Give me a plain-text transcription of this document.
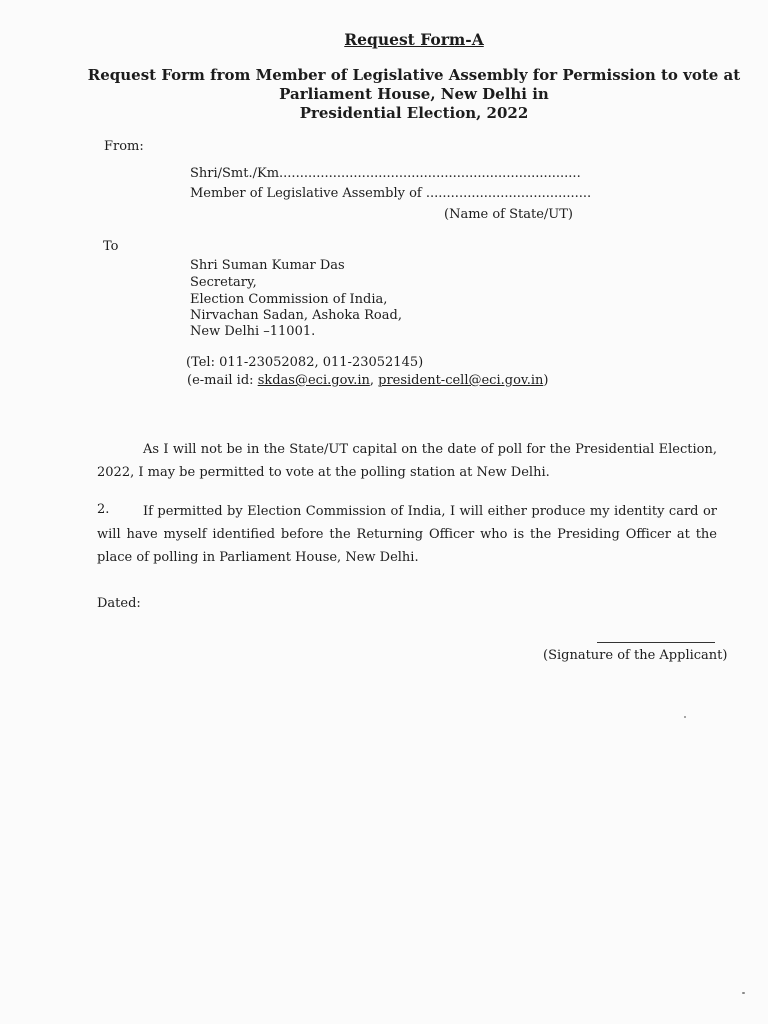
Request Form-A
Request Form from Member of Legislative Assembly for Permission to vote at
Parliament House, New Delhi in
Presidential Election, 2022
From:
Shri/Smt./Km.........................................................................
Member of Legislative Assembly of ........................................
(Name of State/UT)
To
Shri Suman Kumar Das
Secretary,
Election Commission of India,
Nirvachan Sadan, Ashoka Road,
New Delhi –11001.
(Tel: 011-23052082, 011-23052145)
(e-mail id: skdas@eci.gov.in, president-cell@eci.gov.in)
As I will not be in the State/UT capital on the date of poll for the Presidential Election, 2022, I may be permitted to vote at the polling station at New Delhi.
2.	If permitted by Election Commission of India, I will either produce my identity card or will have myself identified before the Returning Officer who is the Presiding Officer at the place of polling in Parliament House, New Delhi.
Dated:
(Signature of the Applicant)
